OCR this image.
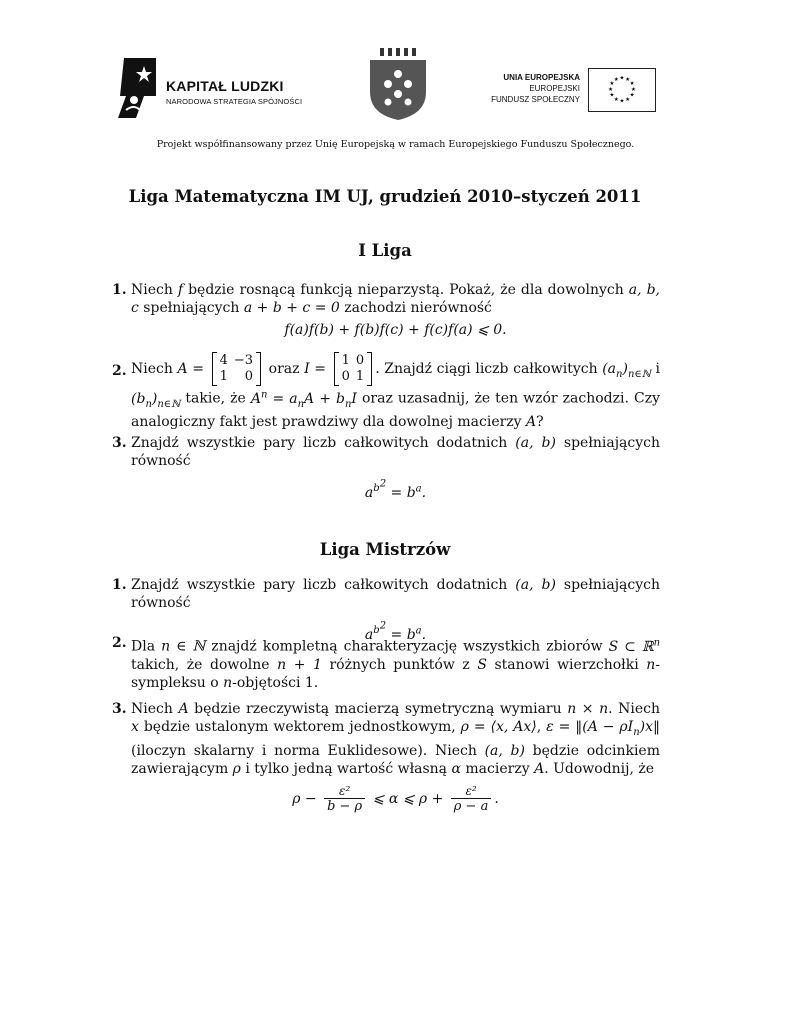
KAPITAŁ LUDZKI
NARODOWA STRATEGIA SPÓJNOŚCI
UNIA EUROPEJSKA
EUROPEJSKI
FUNDUSZ SPOŁECZNY
★ ★
★
★
★
★
★
★
★
★
★
★
Projekt współfinansowany przez Unię Europejską w ramach Europejskiego Funduszu Społecznego.
Liga Matematyczna IM UJ, grudzień 2010–styczeń 2011
I Liga
1. Niech f będzie rosnącą funkcją nieparzystą. Pokaż, że dla dowolnych a, b, c spełniających a + b + c = 0 zachodzi nierówność
f(a)f(b) + f(b)f(c) + f(c)f(a) ⩽ 0.
2. Niech A =
4	−3
1	0 oraz I =
1	0
0	1 . Znajdź ciągi liczb całkowitych $(a_n)_{n\in ℕ}$ i $(b_n)_{n\in ℕ}$ takie, że $A^n = a_nA + b_nI$ oraz uzasadnij, że ten wzór zachodzi. Czy analogiczny fakt jest prawdziwy dla dowolnej macierzy A?
3. Znajdź wszystkie pary liczb całkowitych dodatnich (a, b) spełniających równość
$a^{b^2} = b^a$.
Liga Mistrzów
1. Znajdź wszystkie pary liczb całkowitych dodatnich (a, b) spełniających równość
$a^{b^2} = b^a$.
2. Dla n ∈ ℕ znajdź kompletną charakteryzację wszystkich zbiorów S ⊂ ℝ$^n$ takich, że dowolne n + 1 różnych punktów z S stanowi wierzchołki n-sympleksu o n-objętości 1.
3. Niech A będzie rzeczywistą macierzą symetryczną wymiaru n × n. Niech x będzie ustalonym wektorem jednostkowym, ρ = ⟨x, Ax⟩, ε = ‖(A − $\rho I_n)x‖$ (iloczyn skalarny i norma Euklidesowe). Niech (a, b) będzie odcinkiem zawierającym ρ i tylko jedną wartość własną α macierzy A. Udowodnij, że
$\rho - \frac{\text{ε²}}{b - \rho}$ ⩽ α ⩽ $\rho + \frac{\text{ε²}}{\rho - a}$ .
